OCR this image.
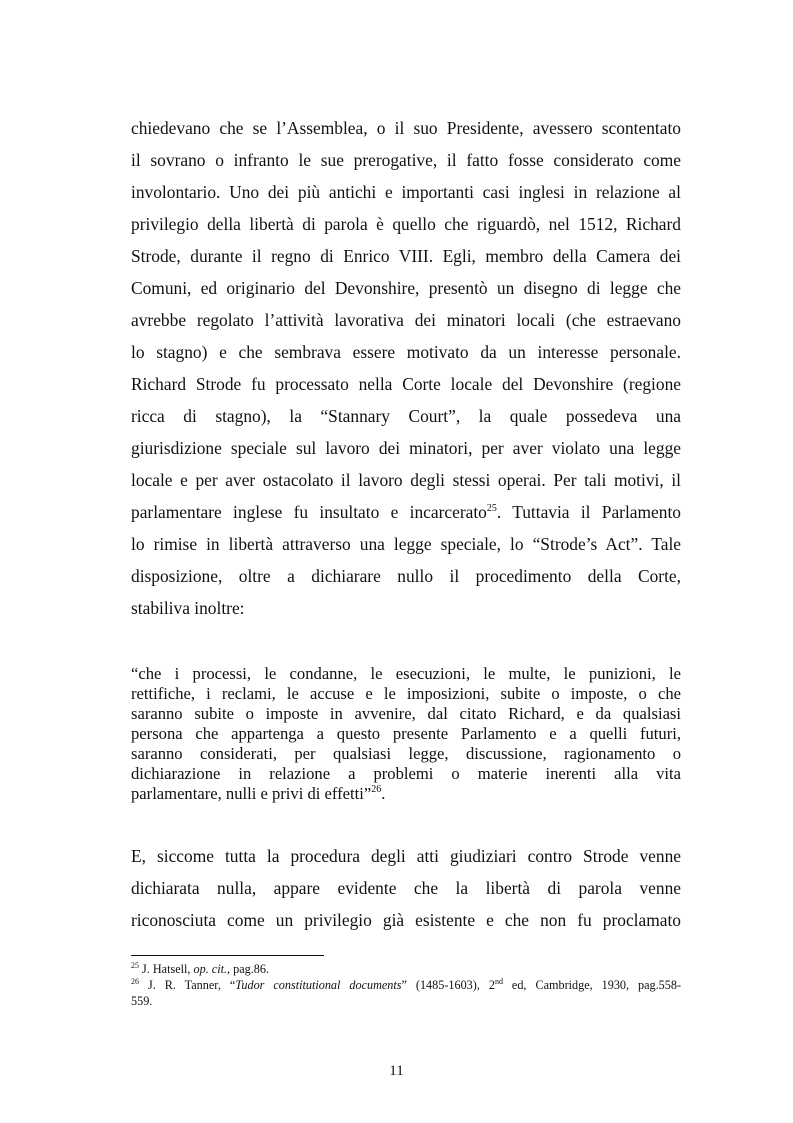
chiedevano che se l’Assemblea, o il suo Presidente, avessero scontentato
il sovrano o infranto le sue prerogative, il fatto fosse considerato come
involontario. Uno dei più antichi e importanti casi inglesi in relazione al
privilegio della libertà di parola è quello che riguardò, nel 1512, Richard
Strode, durante il regno di Enrico VIII. Egli, membro della Camera dei
Comuni, ed originario del Devonshire, presentò un disegno di legge che
avrebbe regolato l’attività lavorativa dei minatori locali (che estraevano
lo stagno) e che sembrava essere motivato da un interesse personale.
Richard Strode fu processato nella Corte locale del Devonshire (regione
ricca di stagno), la “Stannary Court”, la quale possedeva una
giurisdizione speciale sul lavoro dei minatori, per aver violato una legge
locale e per aver ostacolato il lavoro degli stessi operai. Per tali motivi, il
parlamentare inglese fu insultato e incarcerato$^{25}$. Tuttavia il Parlamento
lo rimise in libertà attraverso una legge speciale, lo “Strode’s Act”. Tale
disposizione, oltre a dichiarare nullo il procedimento della Corte,
stabiliva inoltre:
“che i processi, le condanne, le esecuzioni, le multe, le punizioni, le
rettifiche, i reclami, le accuse e le imposizioni, subite o imposte, o che
saranno subite o imposte in avvenire, dal citato Richard, e da qualsiasi
persona che appartenga a questo presente Parlamento e a quelli futuri,
saranno considerati, per qualsiasi legge, discussione, ragionamento o
dichiarazione in relazione a problemi o materie inerenti alla vita
parlamentare, nulli e privi di effetti”$^{26}$.
E, siccome tutta la procedura degli atti giudiziari contro Strode venne
dichiarata nulla, appare evidente che la libertà di parola venne
riconosciuta come un privilegio già esistente e che non fu proclamato
$^{25}$ J. Hatsell, op. cit., pag.86.
$^{26}$ J. R. Tanner, “Tudor constitutional documents” (1485-1603), 2nd ed, Cambridge, 1930, pag.558-
559.
11
